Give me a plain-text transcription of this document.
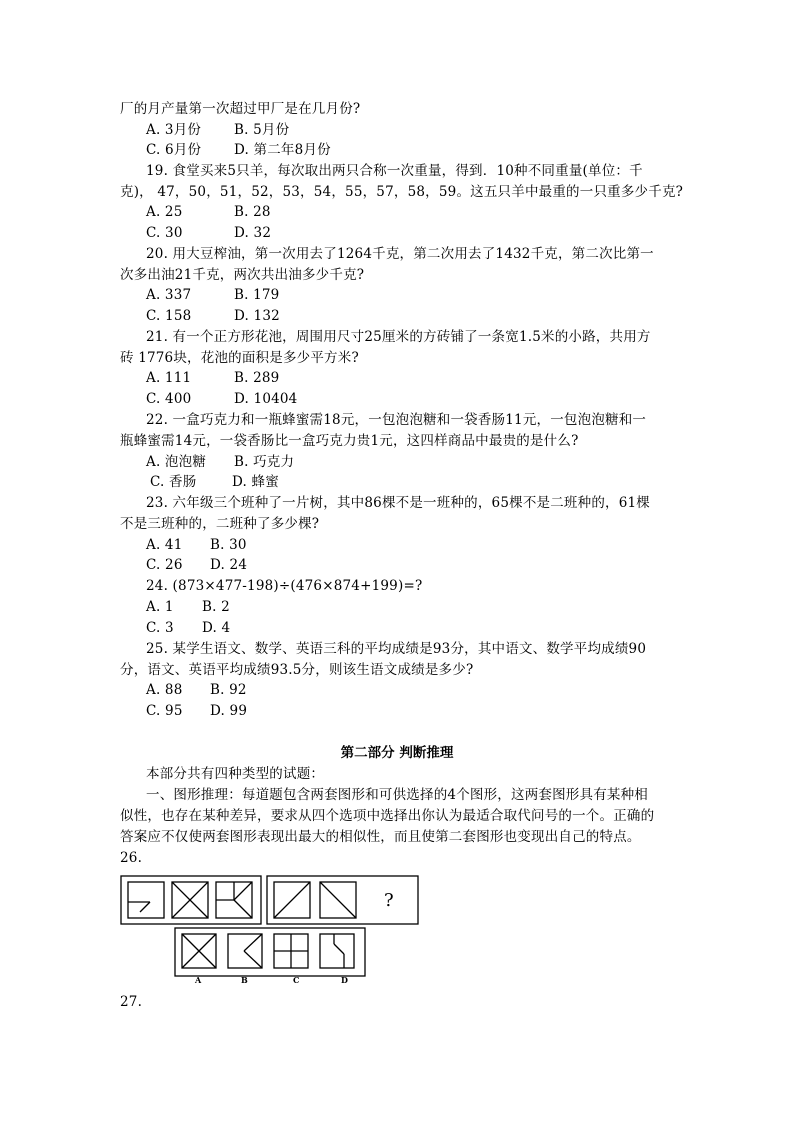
厂的月产量第一次超过甲厂是在几月份?
A. 3月份 B. 5月份
C. 6月份 D. 第二年8月份
19. 食堂买来5只羊，每次取出两只合称一次重量，得到．10种不同重量(单位：千
克)， 47，50，51，52，53，54，55，57，58，59。这五只羊中最重的一只重多少千克?
A. 25	B. 28
C. 30	D. 32
20. 用大豆榨油，第一次用去了1264千克，第二次用去了1432千克，第二次比第一
次多出油21千克，两次共出油多少千克?
A. 337	B. 179
C. 158	D. 132
21. 有一个正方形花池，周围用尺寸25厘米的方砖铺了一条宽1.5米的小路，共用方
砖 1776块，花池的面积是多少平方米?
A. 111	B. 289
C. 400	D. 10404
22. 一盒巧克力和一瓶蜂蜜需18元，一包泡泡糖和一袋香肠11元，一包泡泡糖和一
瓶蜂蜜需14元，一袋香肠比一盒巧克力贵1元，这四样商品中最贵的是什么?
A. 泡泡糖 B. 巧克力
C. 香肠	D. 蜂蜜
23. 六年级三个班种了一片树，其中86棵不是一班种的，65棵不是二班种的，61棵
不是三班种的，二班种了多少棵?
A. 41 B. 30
C. 26 D. 24
24. (873×477-198)÷(476×874+199)=?
A. 1 B. 2
C. 3 D. 4
25. 某学生语文、数学、英语三科的平均成绩是93分，其中语文、数学平均成绩90
分，语文、英语平均成绩93.5分，则该生语文成绩是多少?
A. 88 B. 92
C. 95 D. 99
第二部分 判断推理
本部分共有四种类型的试题：
一、图形推理：每道题包含两套图形和可供选择的4个图形，这两套图形具有某种相
似性，也存在某种差异，要求从四个选项中选择出你认为最适合取代问号的一个。正确的
答案应不仅使两套图形表现出最大的相似性，而且使第二套图形也变现出自己的特点。
26.
?
A	B	C	D
27.
